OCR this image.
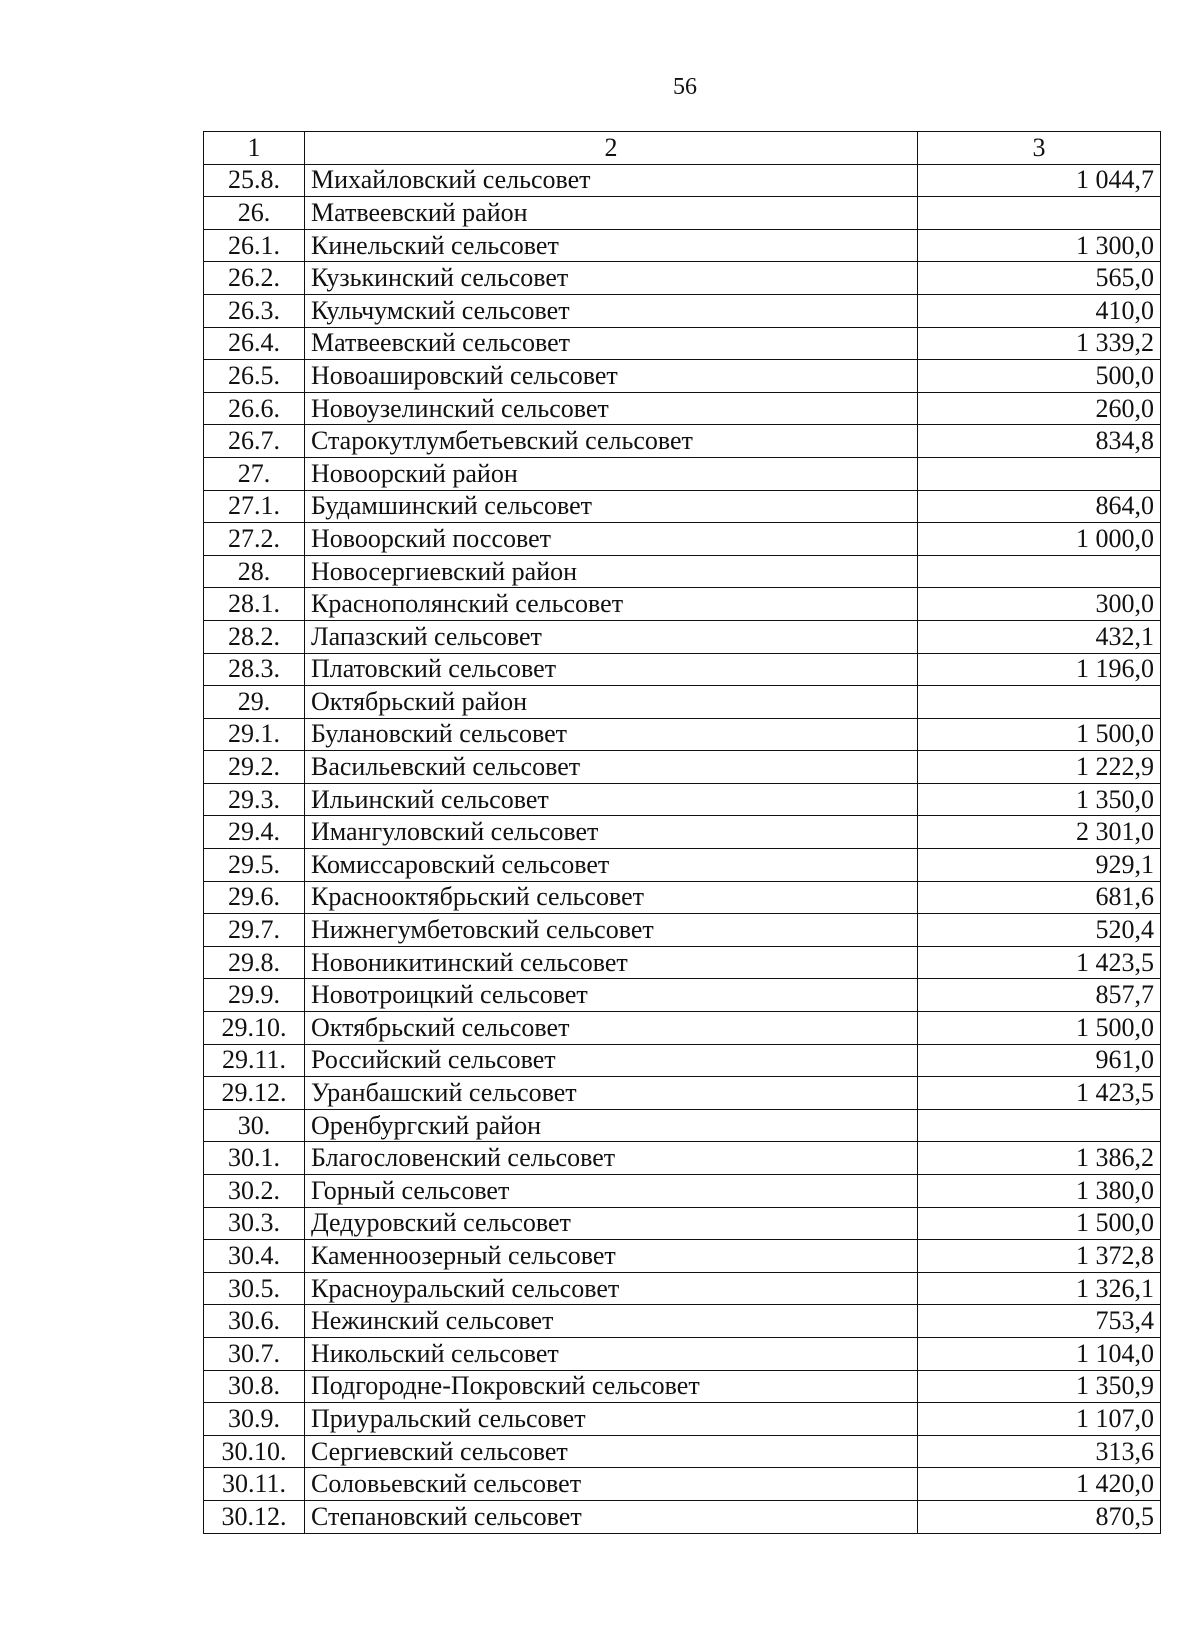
56
1	2	3
25.8.	Михайловский сельсовет	1 044,7
26.	Матвеевский район	
26.1.	Кинельский сельсовет	1 300,0
26.2.	Кузькинский сельсовет	565,0
26.3.	Кульчумский сельсовет	410,0
26.4.	Матвеевский сельсовет	1 339,2
26.5.	Новоашировский сельсовет	500,0
26.6.	Новоузелинский сельсовет	260,0
26.7.	Старокутлумбетьевский сельсовет	834,8
27.	Новоорский район	
27.1.	Будамшинский сельсовет	864,0
27.2.	Новоорский поссовет	1 000,0
28.	Новосергиевский район	
28.1.	Краснополянский сельсовет	300,0
28.2.	Лапазский сельсовет	432,1
28.3.	Платовский сельсовет	1 196,0
29.	Октябрьский район	
29.1.	Булановский сельсовет	1 500,0
29.2.	Васильевский сельсовет	1 222,9
29.3.	Ильинский сельсовет	1 350,0
29.4.	Имангуловский сельсовет	2 301,0
29.5.	Комиссаровский сельсовет	929,1
29.6.	Краснооктябрьский сельсовет	681,6
29.7.	Нижнегумбетовский сельсовет	520,4
29.8.	Новоникитинский сельсовет	1 423,5
29.9.	Новотроицкий сельсовет	857,7
29.10.	Октябрьский сельсовет	1 500,0
29.11.	Российский сельсовет	961,0
29.12.	Уранбашский сельсовет	1 423,5
30.	Оренбургский район	
30.1.	Благословенский сельсовет	1 386,2
30.2.	Горный сельсовет	1 380,0
30.3.	Дедуровский сельсовет	1 500,0
30.4.	Каменноозерный сельсовет	1 372,8
30.5.	Красноуральский сельсовет	1 326,1
30.6.	Нежинский сельсовет	753,4
30.7.	Никольский сельсовет	1 104,0
30.8.	Подгородне-Покровский сельсовет	1 350,9
30.9.	Приуральский сельсовет	1 107,0
30.10.	Сергиевский сельсовет	313,6
30.11.	Соловьевский сельсовет	1 420,0
30.12.	Степановский сельсовет	870,5
